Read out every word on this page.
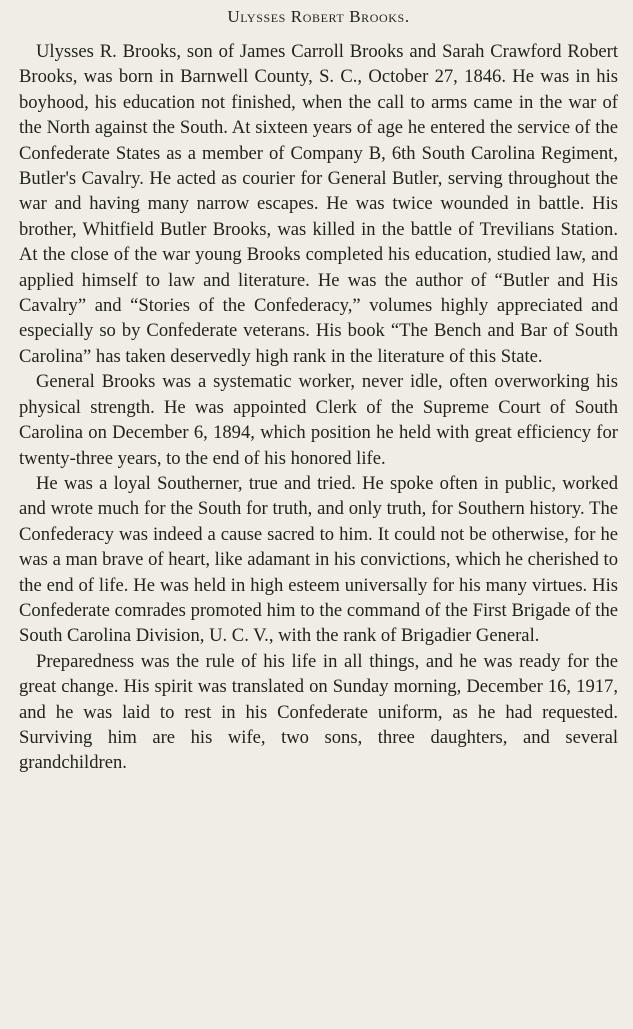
Ulysses Robert Brooks.

Ulysses R. Brooks, son of James Carroll Brooks and Sarah Crawford Robert Brooks, was born in Barnwell County, S. C., October 27, 1846. He was in his boyhood, his education not finished, when the call to arms came in the war of the North against the South. At sixteen years of age he entered the service of the Confederate States as a member of Company B, 6th South Carolina Regiment, Butler's Cavalry. He acted as courier for General Butler, serving throughout the war and having many narrow escapes. He was twice wounded in battle. His brother, Whitfield Butler Brooks, was killed in the battle of Trevilians Station. At the close of the war young Brooks completed his education, studied law, and applied himself to law and literature. He was the author of “Butler and His Cavalry” and “Stories of the Confederacy,” volumes highly appreciated and especially so by Confederate veterans. His book “The Bench and Bar of South Carolina” has taken deservedly high rank in the literature of this State.

General Brooks was a systematic worker, never idle, often overworking his physical strength. He was appointed Clerk of the Supreme Court of South Carolina on December 6, 1894, which position he held with great efficiency for twenty-three years, to the end of his honored life.

He was a loyal Southerner, true and tried. He spoke often in public, worked and wrote much for the South for truth, and only truth, for Southern history. The Confederacy was indeed a cause sacred to him. It could not be otherwise, for he was a man brave of heart, like adamant in his convictions, which he cherished to the end of life. He was held in high esteem universally for his many virtues. His Confederate comrades promoted him to the command of the First Brigade of the South Carolina Division, U. C. V., with the rank of Brigadier General.

Preparedness was the rule of his life in all things, and he was ready for the great change. His spirit was translated on Sunday morning, December 16, 1917, and he was laid to rest in his Confederate uniform, as he had requested. Surviving him are his wife, two sons, three daughters, and several grandchildren.
